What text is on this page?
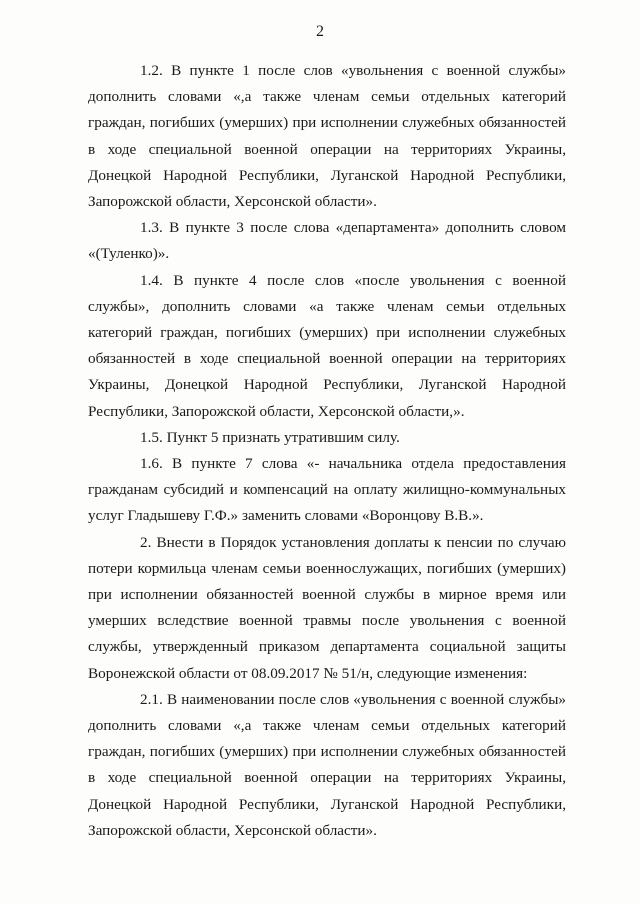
2

1.2. В пункте 1 после слов «увольнения с военной службы» дополнить словами «,а также членам семьи отдельных категорий граждан, погибших (умерших) при исполнении служебных обязанностей в ходе специальной военной операции на территориях Украины, Донецкой Народной Республики, Луганской Народной Республики, Запорожской области, Херсонской области».

1.3. В пункте 3 после слова «департамента» дополнить словом «(Туленко)».

1.4. В пункте 4 после слов «после увольнения с военной службы», дополнить словами «а также членам семьи отдельных категорий граждан, погибших (умерших) при исполнении служебных обязанностей в ходе специальной военной операции на территориях Украины, Донецкой Народной Республики, Луганской Народной Республики, Запорожской области, Херсонской области,».

1.5. Пункт 5 признать утратившим силу.

1.6. В пункте 7 слова «- начальника отдела предоставления гражданам субсидий и компенсаций на оплату жилищно-коммунальных услуг Гладышеву Г.Ф.» заменить словами «Воронцову В.В.».

2. Внести в Порядок установления доплаты к пенсии по случаю потери кормильца членам семьи военнослужащих, погибших (умерших) при исполнении обязанностей военной службы в мирное время или умерших вследствие военной травмы после увольнения с военной службы, утвержденный приказом департамента социальной защиты Воронежской области от 08.09.2017 № 51/н, следующие изменения:

2.1. В наименовании после слов «увольнения с военной службы» дополнить словами «,а также членам семьи отдельных категорий граждан, погибших (умерших) при исполнении служебных обязанностей в ходе специальной военной операции на территориях Украины, Донецкой Народной Республики, Луганской Народной Республики, Запорожской области, Херсонской области».
